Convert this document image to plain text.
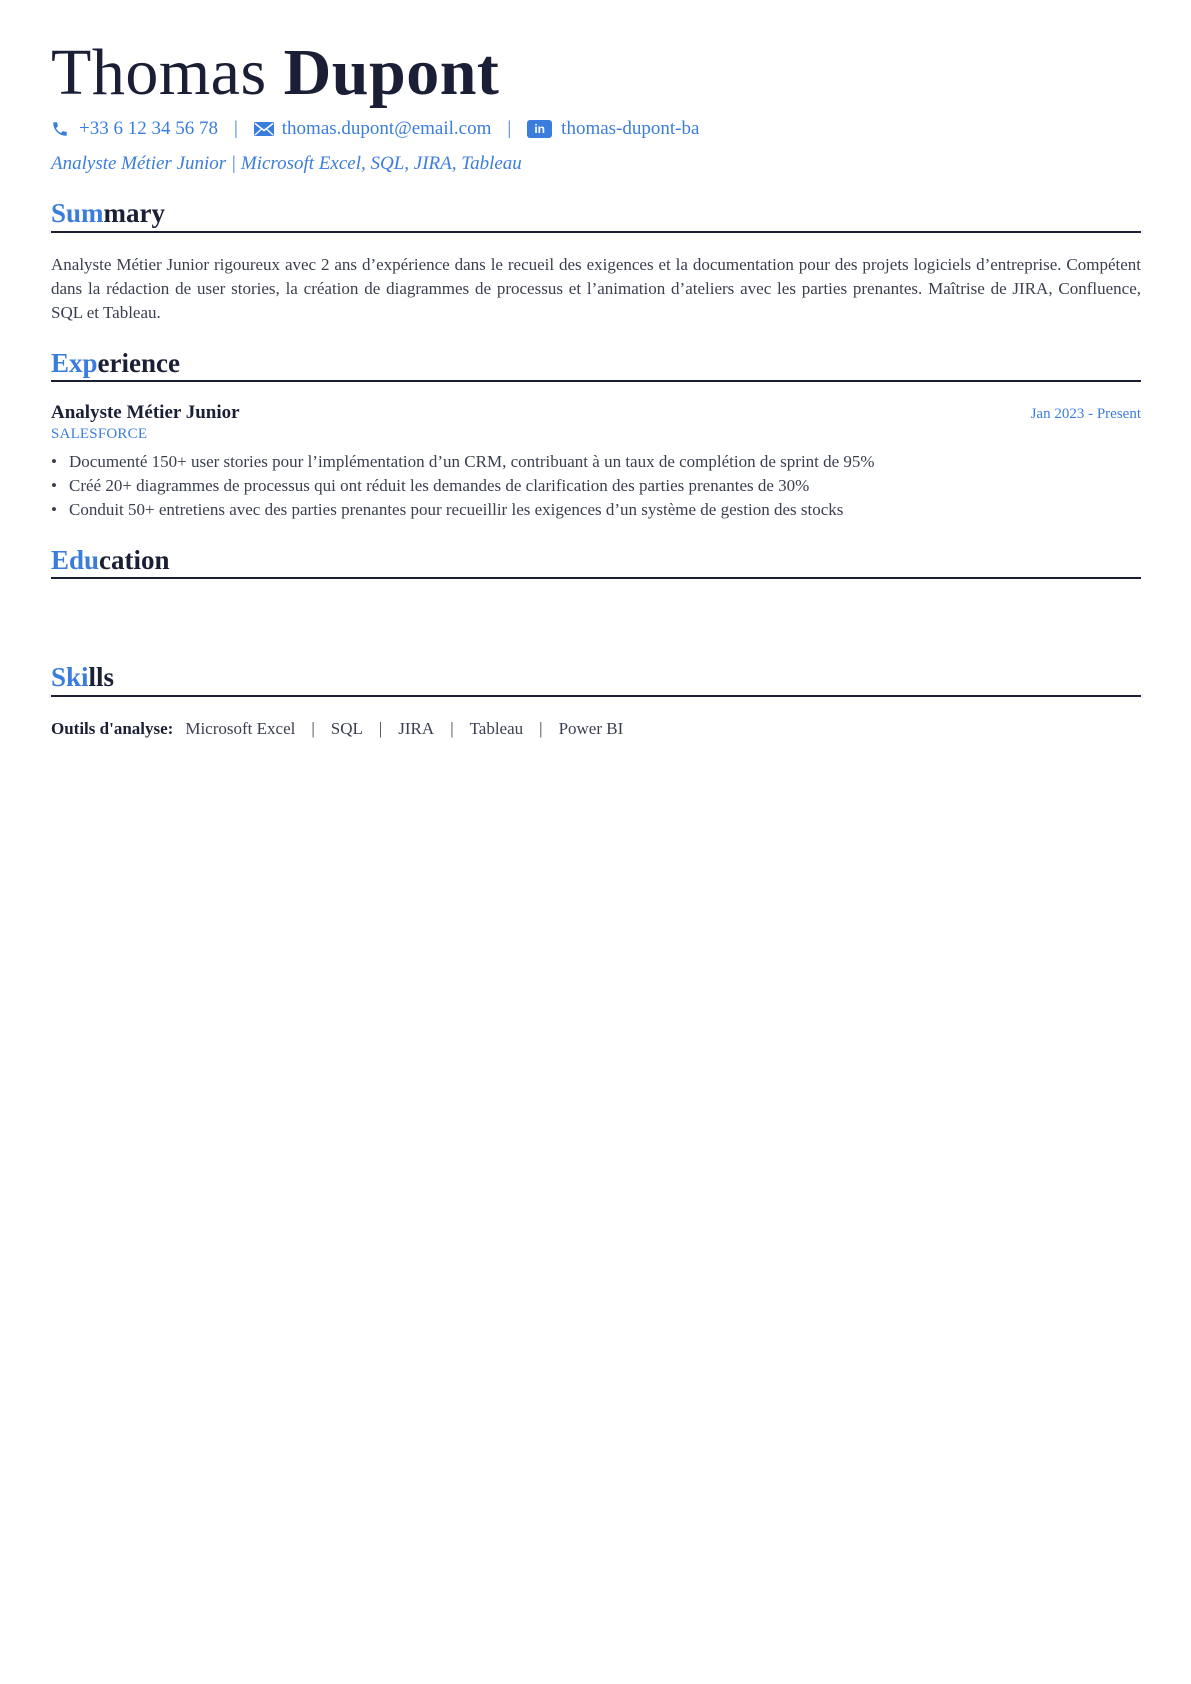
Thomas Dupont
+33 6 12 34 56 78 | thomas.dupont@email.com |	in thomas-dupont-ba
Analyste Métier Junior | Microsoft Excel, SQL, JIRA, Tableau
Summary
Analyste Métier Junior rigoureux avec 2 ans d’expérience dans le recueil des exigences et la documentation pour des projets logiciels d’entreprise. Compétent dans la rédaction de user stories, la création de diagrammes de processus et l’animation d’ateliers avec les parties prenantes. Maîtrise de JIRA, Confluence, SQL et Tableau.
Experience
Analyste Métier Junior	Jan 2023 - Present
SALESFORCE
• Documenté 150+ user stories pour l’implémentation d’un CRM, contribuant à un taux de complétion de sprint de 95%
• Créé 20+ diagrammes de processus qui ont réduit les demandes de clarification des parties prenantes de 30%
• Conduit 50+ entretiens avec des parties prenantes pour recueillir les exigences d’un système de gestion des stocks
Education
Skills
Outils d'analyse: Microsoft Excel | SQL | JIRA | Tableau | Power BI
